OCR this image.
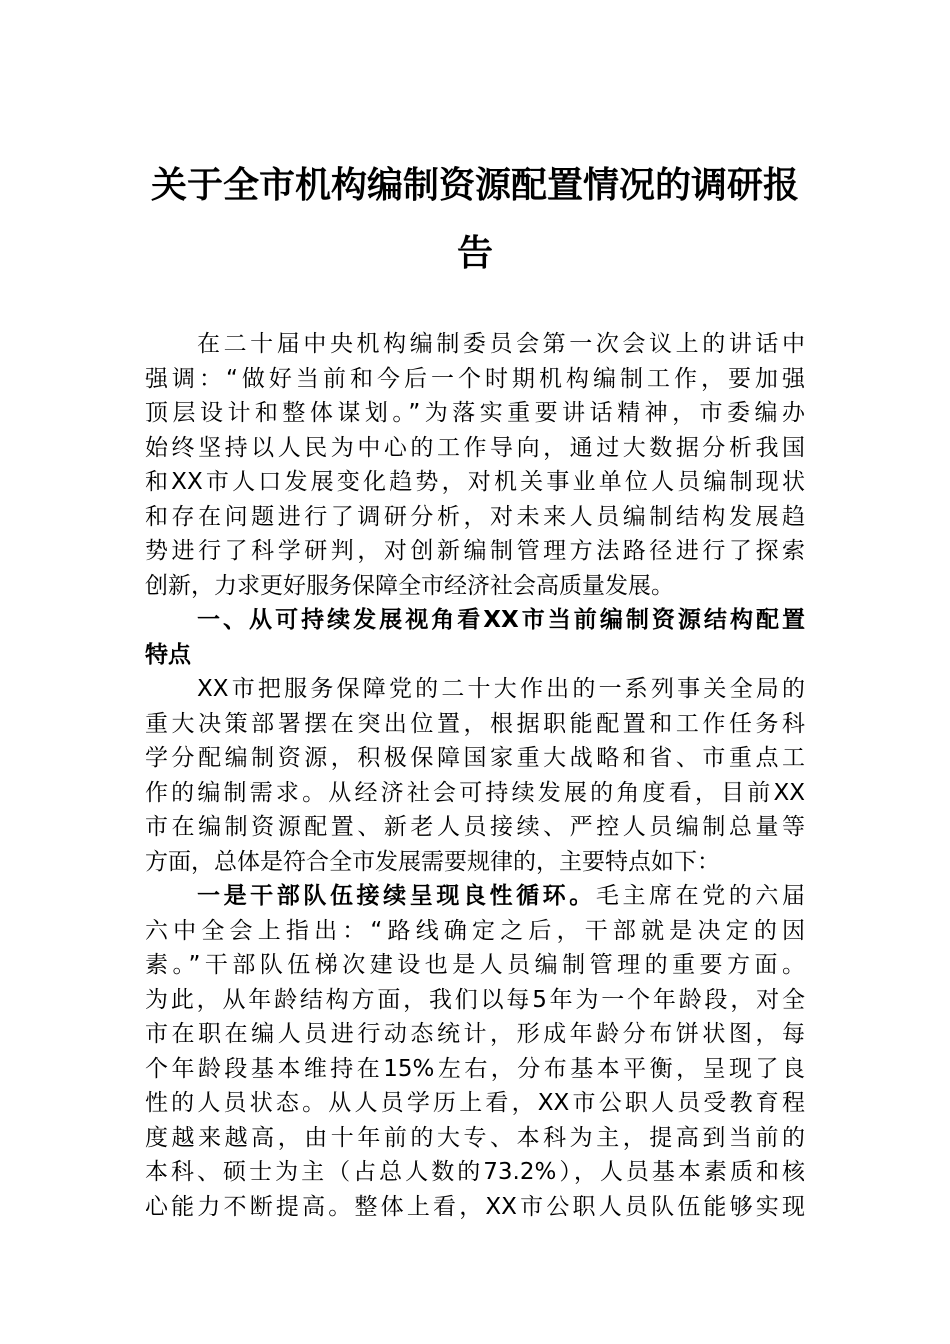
关于全市机构编制资源配置情况的调研报
告
在二十届中央机构编制委员会第一次会议上的讲话中
强调：“做好当前和今后一个时期机构编制工作，要加强
顶层设计和整体谋划。”为落实重要讲话精神，市委编办
始终坚持以人民为中心的工作导向，通过大数据分析我国
和XX市人口发展变化趋势，对机关事业单位人员编制现状
和存在问题进行了调研分析，对未来人员编制结构发展趋
势进行了科学研判，对创新编制管理方法路径进行了探索
创新，力求更好服务保障全市经济社会高质量发展。
一、从可持续发展视角看XX市当前编制资源结构配置
特点
XX市把服务保障党的二十大作出的一系列事关全局的
重大决策部署摆在突出位置，根据职能配置和工作任务科
学分配编制资源，积极保障国家重大战略和省、市重点工
作的编制需求。从经济社会可持续发展的角度看，目前XX
市在编制资源配置、新老人员接续、严控人员编制总量等
方面，总体是符合全市发展需要规律的，主要特点如下：
一是干部队伍接续呈现良性循环。毛主席在党的六届
六中全会上指出：“路线确定之后，干部就是决定的因
素。”干部队伍梯次建设也是人员编制管理的重要方面。
为此，从年龄结构方面，我们以每5年为一个年龄段，对全
市在职在编人员进行动态统计，形成年龄分布饼状图，每
个年龄段基本维持在15%左右，分布基本平衡，呈现了良
性的人员状态。从人员学历上看，XX市公职人员受教育程
度越来越高，由十年前的大专、本科为主，提高到当前的
本科、硕士为主（占总人数的73.2%），人员基本素质和核
心能力不断提高。整体上看，XX市公职人员队伍能够实现
